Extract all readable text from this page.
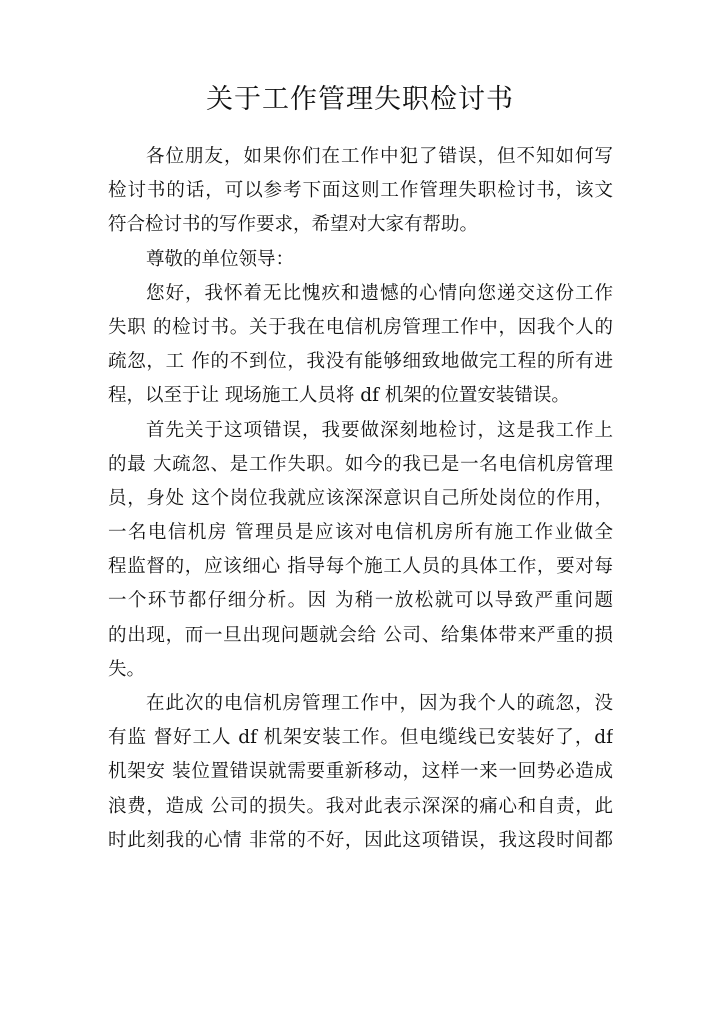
关于工作管理失职检讨书
各位朋友，如果你们在工作中犯了错误，但不知如何写
检讨书的话，可以参考下面这则工作管理失职检讨书，该文
符合检讨书的写作要求，希望对大家有帮助。
尊敬的单位领导：
您好，我怀着无比愧疚和遗憾的心情向您递交这份工作
失职 的检讨书。关于我在电信机房管理工作中，因我个人的
疏忽，工 作的不到位，我没有能够细致地做完工程的所有进
程，以至于让 现场施工人员将 df 机架的位置安装错误。
首先关于这项错误，我要做深刻地检讨，这是我工作上
的最 大疏忽、是工作失职。如今的我已是一名电信机房管理
员，身处 这个岗位我就应该深深意识自己所处岗位的作用，
一名电信机房 管理员是应该对电信机房所有施工作业做全
程监督的，应该细心 指导每个施工人员的具体工作，要对每
一个环节都仔细分析。因 为稍一放松就可以导致严重问题
的出现，而一旦出现问题就会给 公司、给集体带来严重的损
失。
在此次的电信机房管理工作中，因为我个人的疏忽，没
有监 督好工人 df 机架安装工作。但电缆线已安装好了，df
机架安 装位置错误就需要重新移动，这样一来一回势必造成
浪费，造成 公司的损失。我对此表示深深的痛心和自责，此
时此刻我的心情 非常的不好，因此这项错误，我这段时间都
